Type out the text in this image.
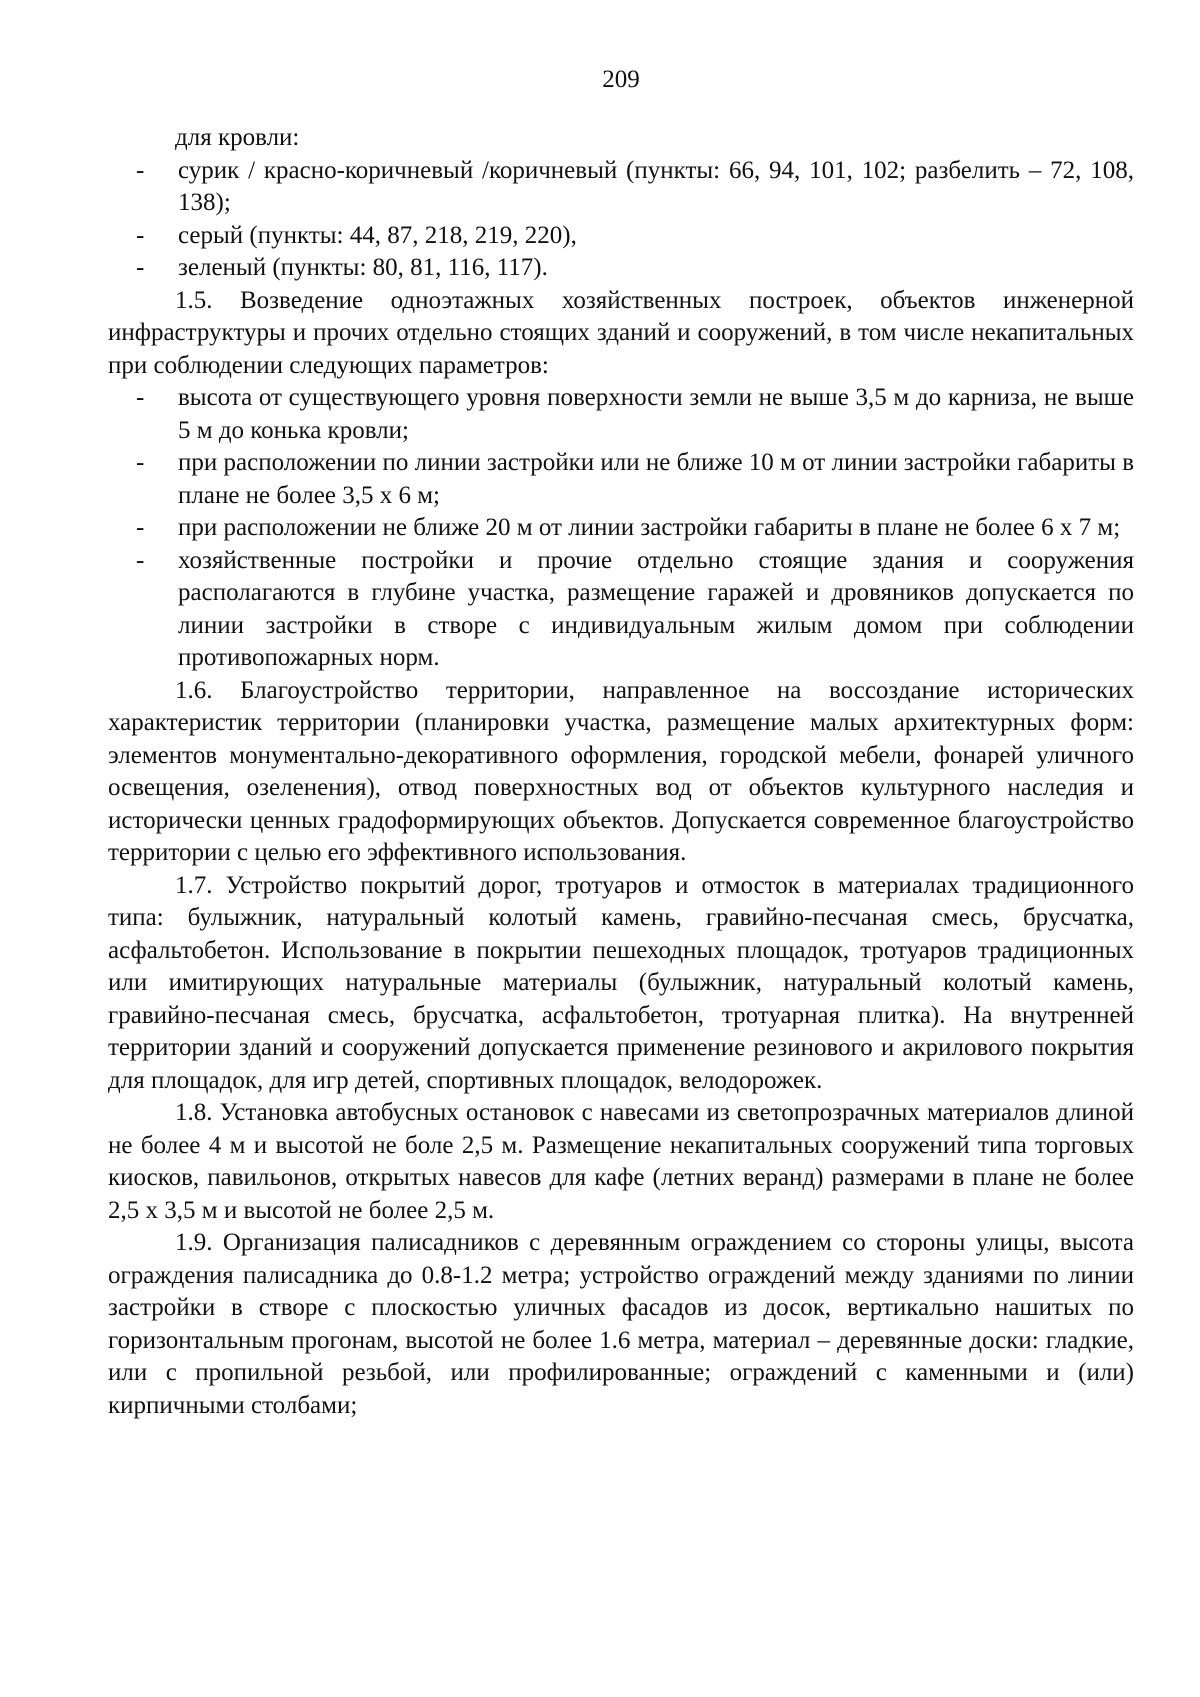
209

для кровли:

- сурик / красно-коричневый /коричневый (пункты: 66, 94, 101, 102; разбелить – 72, 108, 138);
- серый (пункты: 44, 87, 218, 219, 220),
- зеленый (пункты: 80, 81, 116, 117).

1.5. Возведение одноэтажных хозяйственных построек, объектов инженерной инфраструктуры и прочих отдельно стоящих зданий и сооружений, в том числе некапитальных при соблюдении следующих параметров:

- высота от существующего уровня поверхности земли не выше 3,5 м до карниза, не выше 5 м до конька кровли;
- при расположении по линии застройки или не ближе 10 м от линии застройки габариты в плане не более 3,5 х 6 м;
- при расположении не ближе 20 м от линии застройки габариты в плане не более 6 х 7 м;
- хозяйственные постройки и прочие отдельно стоящие здания и сооружения располагаются в глубине участка, размещение гаражей и дровяников допускается по линии застройки в створе с индивидуальным жилым домом при соблюдении противопожарных норм.

1.6. Благоустройство территории, направленное на воссоздание исторических характеристик территории (планировки участка, размещение малых архитектурных форм: элементов монументально-декоративного оформления, городской мебели, фонарей уличного освещения, озеленения), отвод поверхностных вод от объектов культурного наследия и исторически ценных градоформирующих объектов. Допускается современное благоустройство территории с целью его эффективного использования.

1.7. Устройство покрытий дорог, тротуаров и отмосток в материалах традиционного типа: булыжник, натуральный колотый камень, гравийно-песчаная смесь, брусчатка, асфальтобетон. Использование в покрытии пешеходных площадок, тротуаров традиционных или имитирующих натуральные материалы (булыжник, натуральный колотый камень, гравийно-песчаная смесь, брусчатка, асфальтобетон, тротуарная плитка). На внутренней территории зданий и сооружений допускается применение резинового и акрилового покрытия для площадок, для игр детей, спортивных площадок, велодорожек.

1.8. Установка автобусных остановок с навесами из светопрозрачных материалов длиной не более 4 м и высотой не боле 2,5 м. Размещение некапитальных сооружений типа торговых киосков, павильонов, открытых навесов для кафе (летних веранд) размерами в плане не более 2,5 х 3,5 м и высотой не более 2,5 м.

1.9. Организация палисадников с деревянным ограждением со стороны улицы, высота ограждения палисадника до 0.8-1.2 метра; устройство ограждений между зданиями по линии застройки в створе с плоскостью уличных фасадов из досок, вертикально нашитых по горизонтальным прогонам, высотой не более 1.6 метра, материал – деревянные доски: гладкие, или с пропильной резьбой, или профилированные; ограждений с каменными и (или) кирпичными столбами;
